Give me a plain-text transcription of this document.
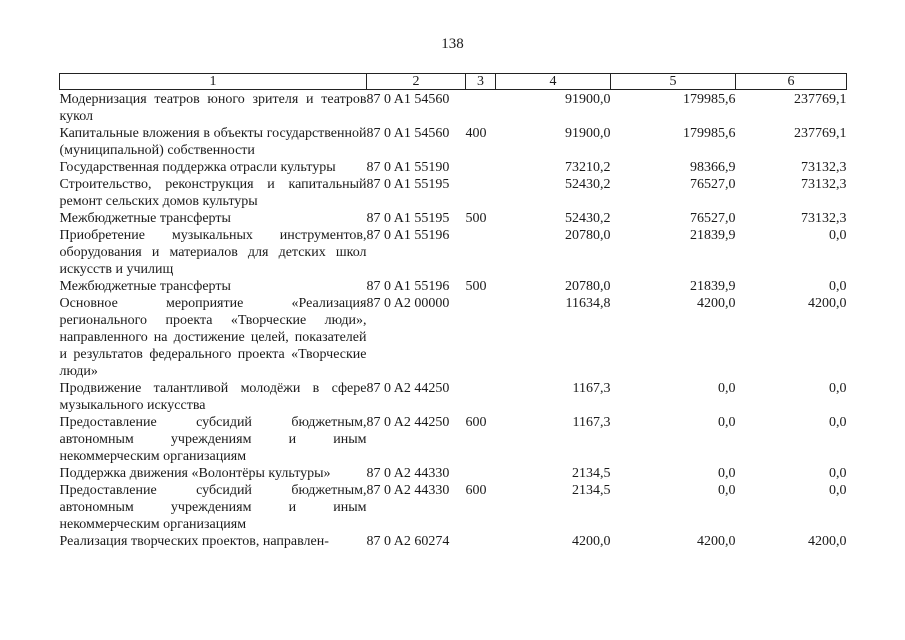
138
1	2	3	4	5	6

Модернизация театров юного зрителя и театров кукол	87 0 A1 54560		91900,0	179985,6	237769,1
Капитальные вложения в объекты государственной (муниципальной) собственности	87 0 A1 54560	400	91900,0	179985,6	237769,1
Государственная поддержка отрасли культуры	87 0 A1 55190		73210,2	98366,9	73132,3
Строительство, реконструкция и капитальный ремонт сельских домов культуры	87 0 A1 55195		52430,2	76527,0	73132,3
Межбюджетные трансферты	87 0 A1 55195	500	52430,2	76527,0	73132,3
Приобретение музыкальных инструментов, оборудования и материалов для детских школ искусств и училищ	87 0 A1 55196		20780,0	21839,9	0,0
Межбюджетные трансферты	87 0 A1 55196	500	20780,0	21839,9	0,0
Основное мероприятие «Реализация регионального проекта «Творческие люди», направленного на достижение целей, показателей и результатов федерального проекта «Творческие люди»	87 0 A2 00000		11634,8	4200,0	4200,0
Продвижение талантливой молодёжи в сфере музыкального искусства	87 0 A2 44250		1167,3	0,0	0,0
Предоставление субсидий бюджетным, автономным учреждениям и иным некоммерческим организациям	87 0 A2 44250	600	1167,3	0,0	0,0
Поддержка движения «Волонтёры культуры»	87 0 A2 44330		2134,5	0,0	0,0
Предоставление субсидий бюджетным, автономным учреждениям и иным некоммерческим организациям	87 0 A2 44330	600	2134,5	0,0	0,0
Реализация творческих проектов, направлен-	87 0 A2 60274		4200,0	4200,0	4200,0
